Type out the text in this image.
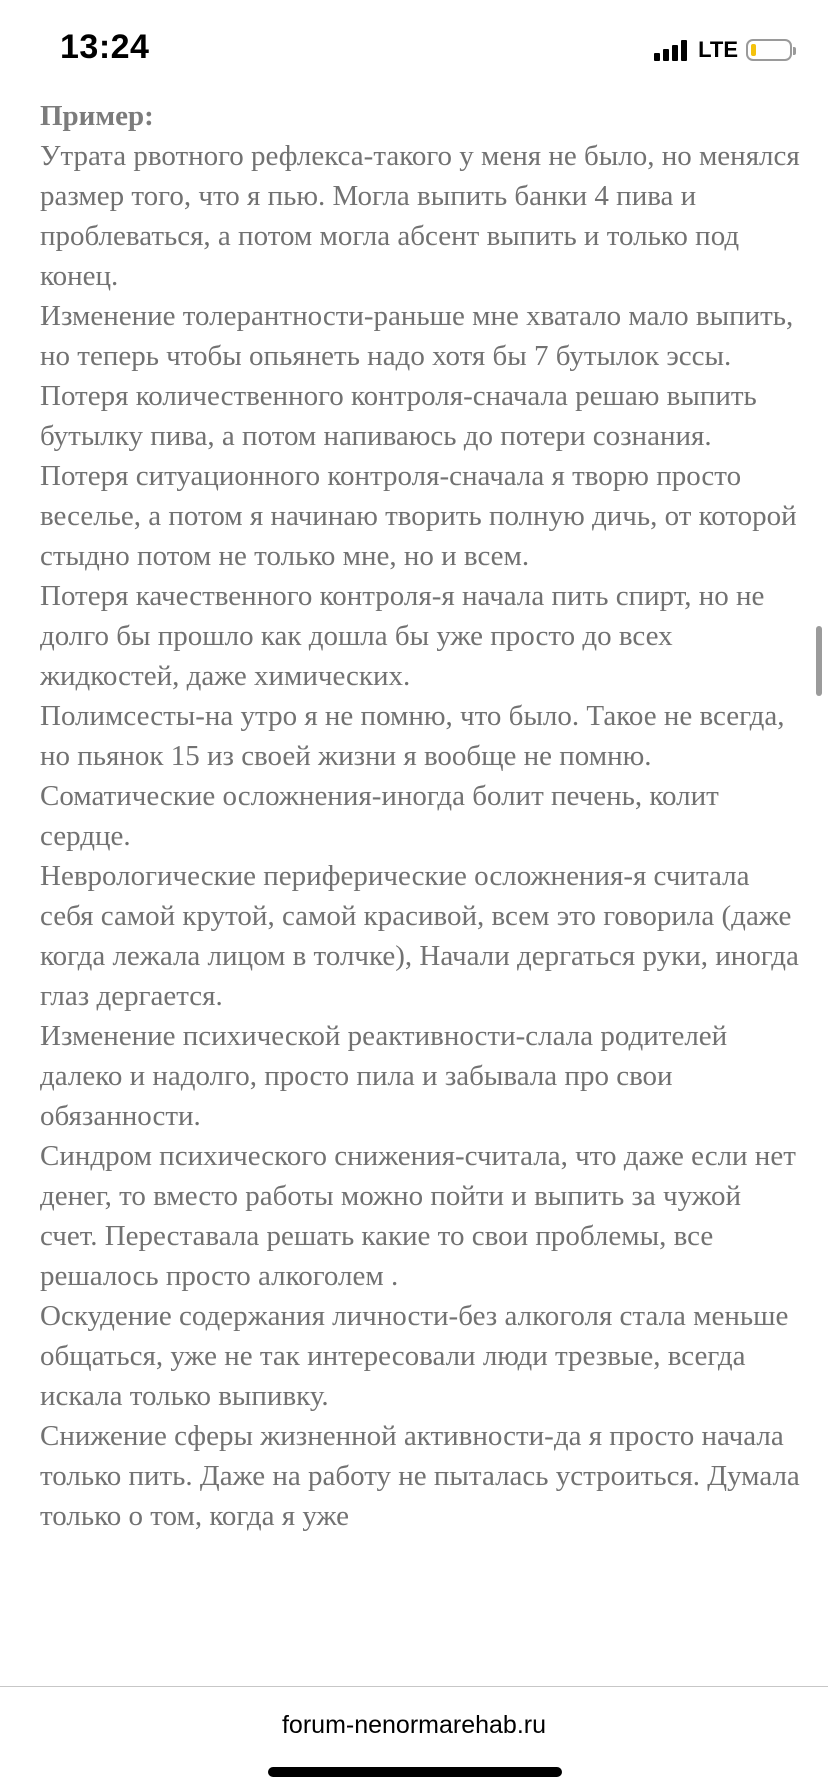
13:24	LTE

Пример:

Утрата рвотного рефлекса-такого у меня не было, но менялся размер того, что я пью. Могла выпить банки 4 пива и проблеваться, а потом могла абсент выпить и только под конец.

Изменение толерантности-раньше мне хватало мало выпить, но теперь чтобы опьянеть надо хотя бы 7 бутылок эссы.

Потеря количественного контроля-сначала решаю выпить бутылку пива, а потом напиваюсь до потери сознания.

Потеря ситуационного контроля-сначала я творю просто веселье, а потом я начинаю творить полную дичь, от которой стыдно потом не только мне, но и всем.

Потеря качественного контроля-я начала пить спирт, но не долго бы прошло как дошла бы уже просто до всех жидкостей, даже химических.

Полимсесты-на утро я не помню, что было. Такое не всегда, но пьянок 15 из своей жизни я вообще не помню.

Соматические осложнения-иногда болит печень, колит сердце.

Неврологические периферические осложнения-я считала себя самой крутой, самой красивой, всем это говорила (даже когда лежала лицом в толчке), Начали дергаться руки, иногда глаз дергается.

Изменение психической реактивности-слала родителей далеко и надолго, просто пила и забывала про свои обязанности.

Синдром психического снижения-считала, что даже если нет денег, то вместо работы можно пойти и выпить за чужой счет. Переставала решать какие то свои проблемы, все решалось просто алкоголем .

Оскудение содержания личности-без алкоголя стала меньше общаться, уже не так интересовали люди трезвые, всегда искала только выпивку.

Снижение сферы жизненной активности-да я просто начала только пить. Даже на работу не пыталась устроиться. Думала только о том, когда я уже

forum-nenormarehab.ru
